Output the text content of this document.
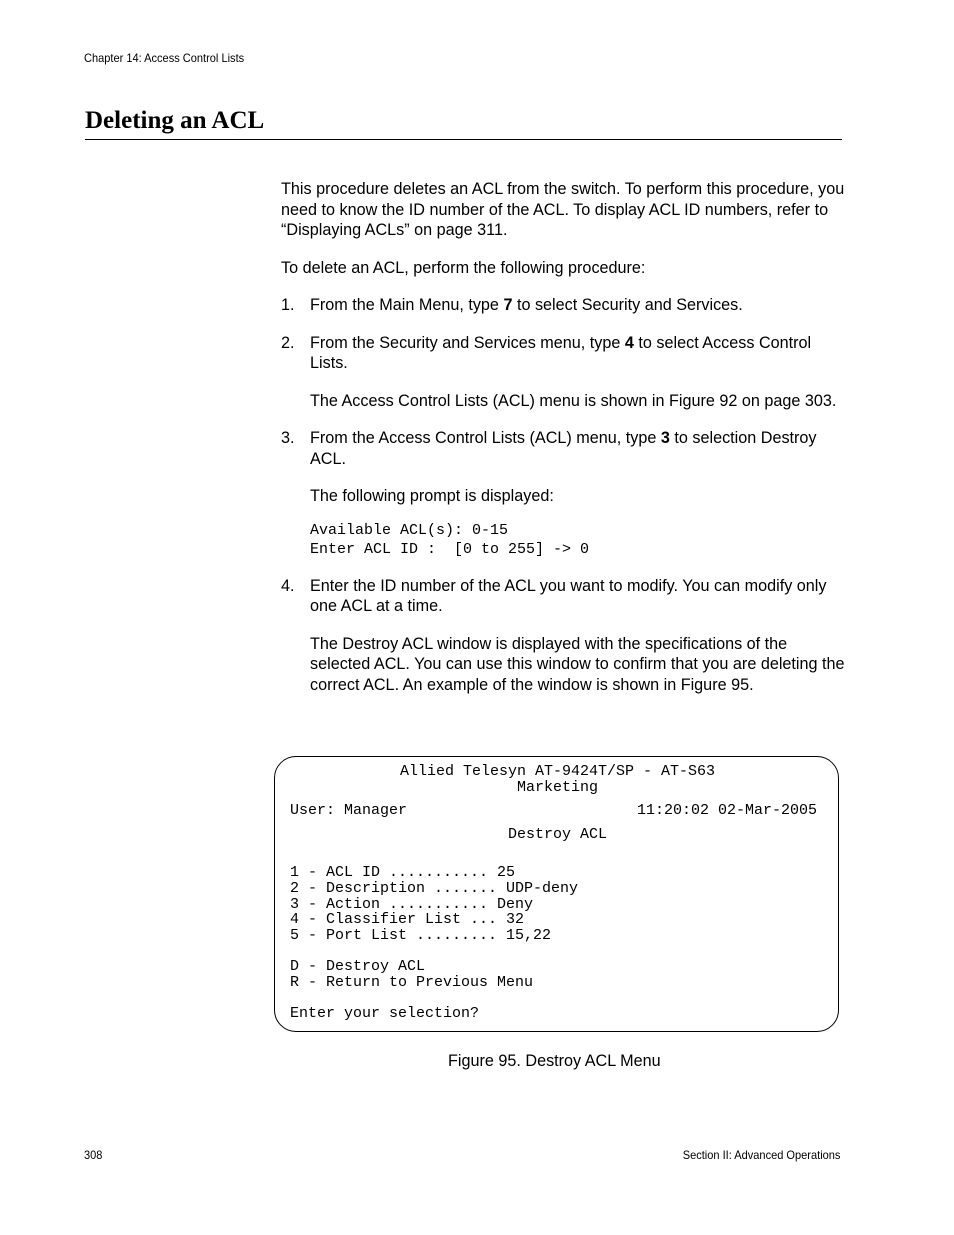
Chapter 14: Access Control Lists
Deleting an ACL

This procedure deletes an ACL from the switch. To perform this procedure, you need to know the ID number of the ACL. To display ACL ID numbers, refer to “Displaying ACLs” on page 311.

To delete an ACL, perform the following procedure:

1. From the Main Menu, type 7 to select Security and Services.

2. From the Security and Services menu, type 4 to select Access Control Lists.

The Access Control Lists (ACL) menu is shown in Figure 92 on page 303.

3. From the Access Control Lists (ACL) menu, type 3 to selection Destroy ACL.

The following prompt is displayed:

Available ACL(s): 0-15
Enter ACL ID :  [0 to 255] -> 0
4. Enter the ID number of the ACL you want to modify. You can modify only one ACL at a time.

The Destroy ACL window is displayed with the specifications of the selected ACL. You can use this window to confirm that you are deleting the correct ACL. An example of the window is shown in Figure 95.

Allied Telesyn AT-9424T/SP - AT-S63
Marketing
User: Manager	11:20:02 02-Mar-2005
Destroy ACL
1 - ACL ID ........... 25
2 - Description ....... UDP-deny
3 - Action ........... Deny
4 - Classifier List ... 32
5 - Port List ......... 15,22
D - Destroy ACL
R - Return to Previous Menu
Enter your selection?
Figure 95. Destroy ACL Menu
308	Section II: Advanced Operations
